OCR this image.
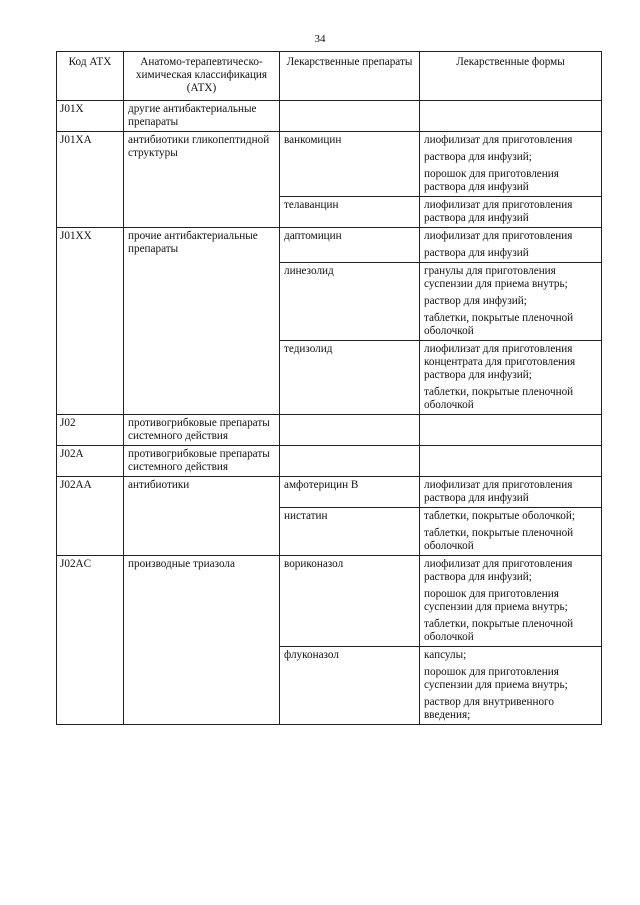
34
Код АТХ	Анатомо-терапевтическо-химическая классификация (АТХ)	Лекарственные препараты	Лекарственные формы
J01X	другие антибактериальные препараты		
J01XA	антибиотики гликопептидной структуры	ванкомицин	лиофилизат для приготовления
раствора для инфузий;
порошок для приготовления раствора для инфузий

		телаванцин	лиофилизат для приготовления раствора для инфузий

J01XX	прочие антибактериальные препараты	даптомицин	лиофилизат для приготовления
раствора для инфузий

		линезолид	гранулы для приготовления суспензии для приема внутрь;
раствор для инфузий;
таблетки, покрытые пленочной оболочкой

		тедизолид	лиофилизат для приготовления концентрата для приготовления раствора для инфузий;
таблетки, покрытые пленочной оболочкой

J02	противогрибковые препараты системного действия		
J02A	противогрибковые препараты системного действия		
J02AA	антибиотики	амфотерицин В	лиофилизат для приготовления раствора для инфузий

		нистатин	таблетки, покрытые оболочкой;
таблетки, покрытые пленочной оболочкой

J02AC	производные триазола	вориконазол	лиофилизат для приготовления раствора для инфузий;
порошок для приготовления суспензии для приема внутрь;
таблетки, покрытые пленочной оболочкой

		флуконазол	капсулы;
порошок для приготовления суспензии для приема внутрь;
раствор для внутривенного введения;
